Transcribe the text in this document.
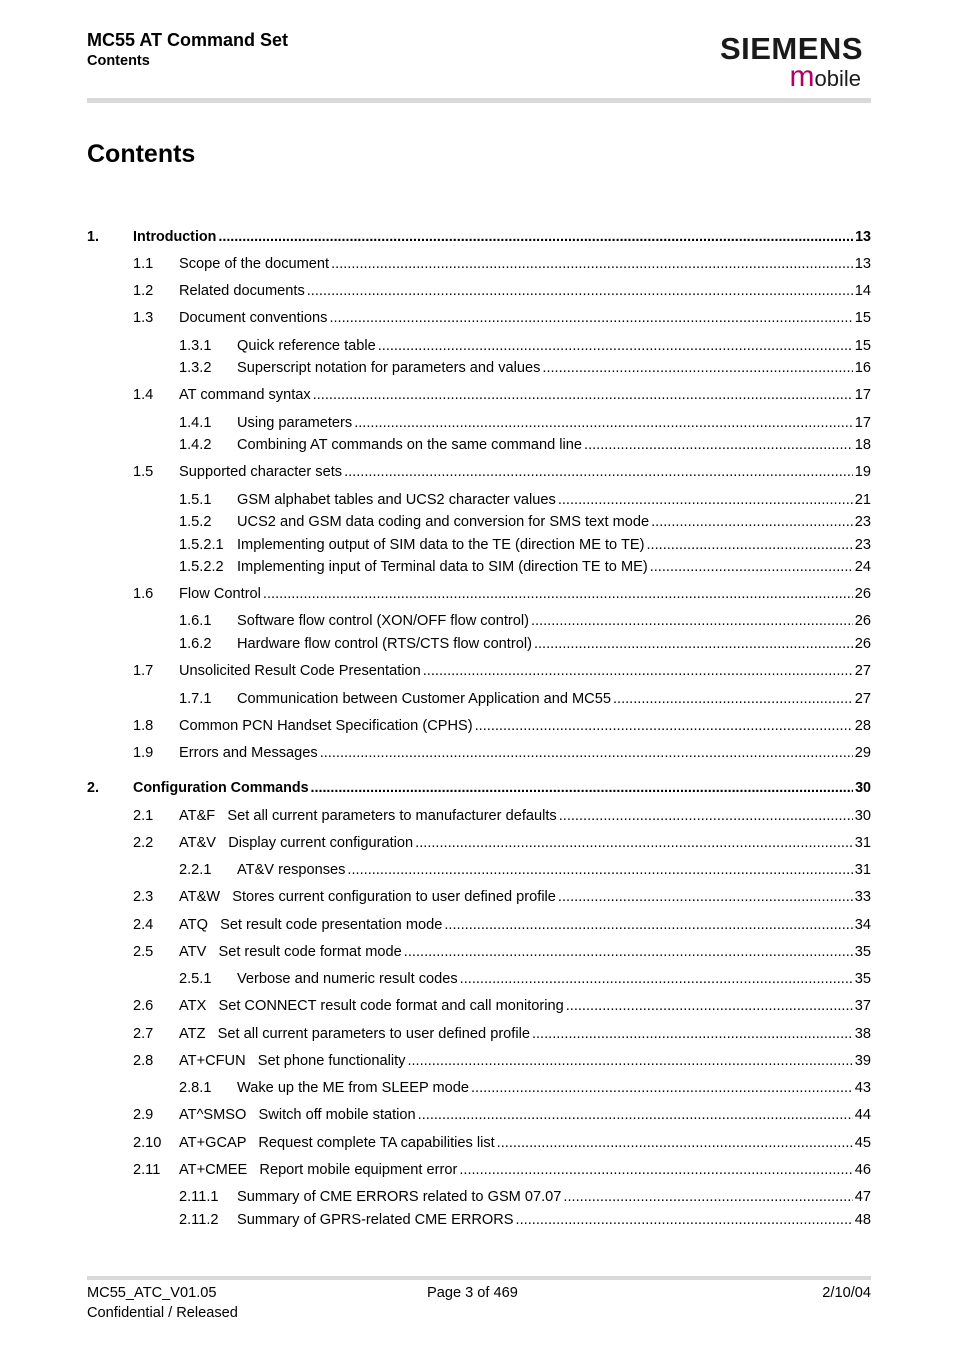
MC55 AT Command Set
Contents	SIEMENS
mobile
Contents
1. Introduction .....	13
1.1 Scope of the document .....	13
1.2 Related documents .....	14
1.3 Document conventions .....	15
1.3.1 Quick reference table .....	15
1.3.2 Superscript notation for parameters and values .....	16
1.4 AT command syntax .....	17
1.4.1 Using parameters .....	17
1.4.2 Combining AT commands on the same command line .....	18
1.5 Supported character sets .....	19
1.5.1 GSM alphabet tables and UCS2 character values .....	21
1.5.2 UCS2 and GSM data coding and conversion for SMS text mode .....	23
1.5.2.1 Implementing output of SIM data to the TE (direction ME to TE) .....	23
1.5.2.2 Implementing input of Terminal data to SIM (direction TE to ME) .....	24
1.6 Flow Control .....	26
1.6.1 Software flow control (XON/OFF flow control) .....	26
1.6.2 Hardware flow control (RTS/CTS flow control) .....	26
1.7 Unsolicited Result Code Presentation .....	27
1.7.1 Communication between Customer Application and MC55 .....	27
1.8 Common PCN Handset Specification (CPHS) .....	28
1.9 Errors and Messages .....	29
2. Configuration Commands .....	30
2.1 AT&F   Set all current parameters to manufacturer defaults .....	30
2.2 AT&V   Display current configuration .....	31
2.2.1 AT&V responses .....	31
2.3 AT&W   Stores current configuration to user defined profile .....	33
2.4 ATQ   Set result code presentation mode .....	34
2.5 ATV   Set result code format mode .....	35
2.5.1 Verbose and numeric result codes .....	35
2.6 ATX   Set CONNECT result code format and call monitoring .....	37
2.7 ATZ   Set all current parameters to user defined profile .....	38
2.8 AT+CFUN   Set phone functionality .....	39
2.8.1 Wake up the ME from SLEEP mode .....	43
2.9 AT^SMSO   Switch off mobile station .....	44
2.10 AT+GCAP   Request complete TA capabilities list .....	45
2.11 AT+CMEE   Report mobile equipment error .....	46
2.11.1 Summary of CME ERRORS related to GSM 07.07 .....	47
2.11.2 Summary of GPRS-related CME ERRORS .....	48
MC55_ATC_V01.05
Confidential / Released
Page 3 of 469	2/10/04
